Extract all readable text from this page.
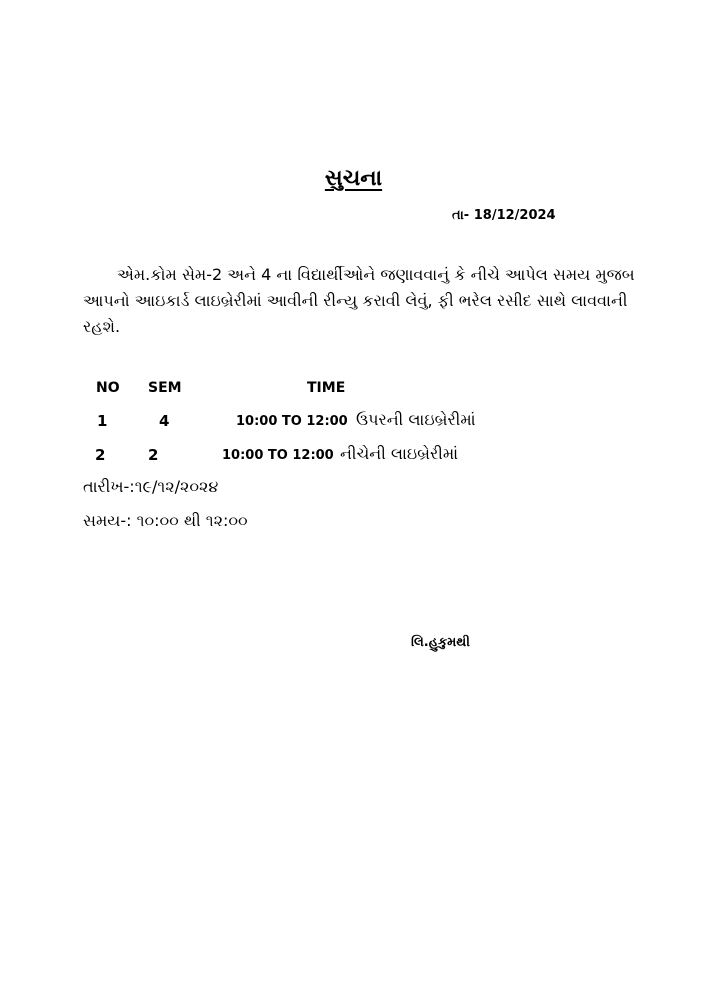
સુચના
તા- 18/12/2024
એમ.કોમ સેમ-2 અને 4 ના વિદ્યાર્થીઓને જણાવવાનું કે નીચે આપેલ સમય મુજબ આપનો આઇકાર્ડ લાઇબ્રેરીમાં આવીની રીન્યુ કરાવી લેવું, ફી ભરેલ રસીદ સાથે લાવવાની રહશે.
NO SEM	TIME
1	4	10:00 TO 12:00 ઉપરની લાઇબ્રેરીમાં
2	2	10:00 TO 12:00 નીચેની લાઇબ્રેરીમાં
તારીખ-:૧૯/૧૨/૨૦૨૪
સમય-: ૧૦:૦૦ થી ૧૨:૦૦
લિ.હુકુમથી
